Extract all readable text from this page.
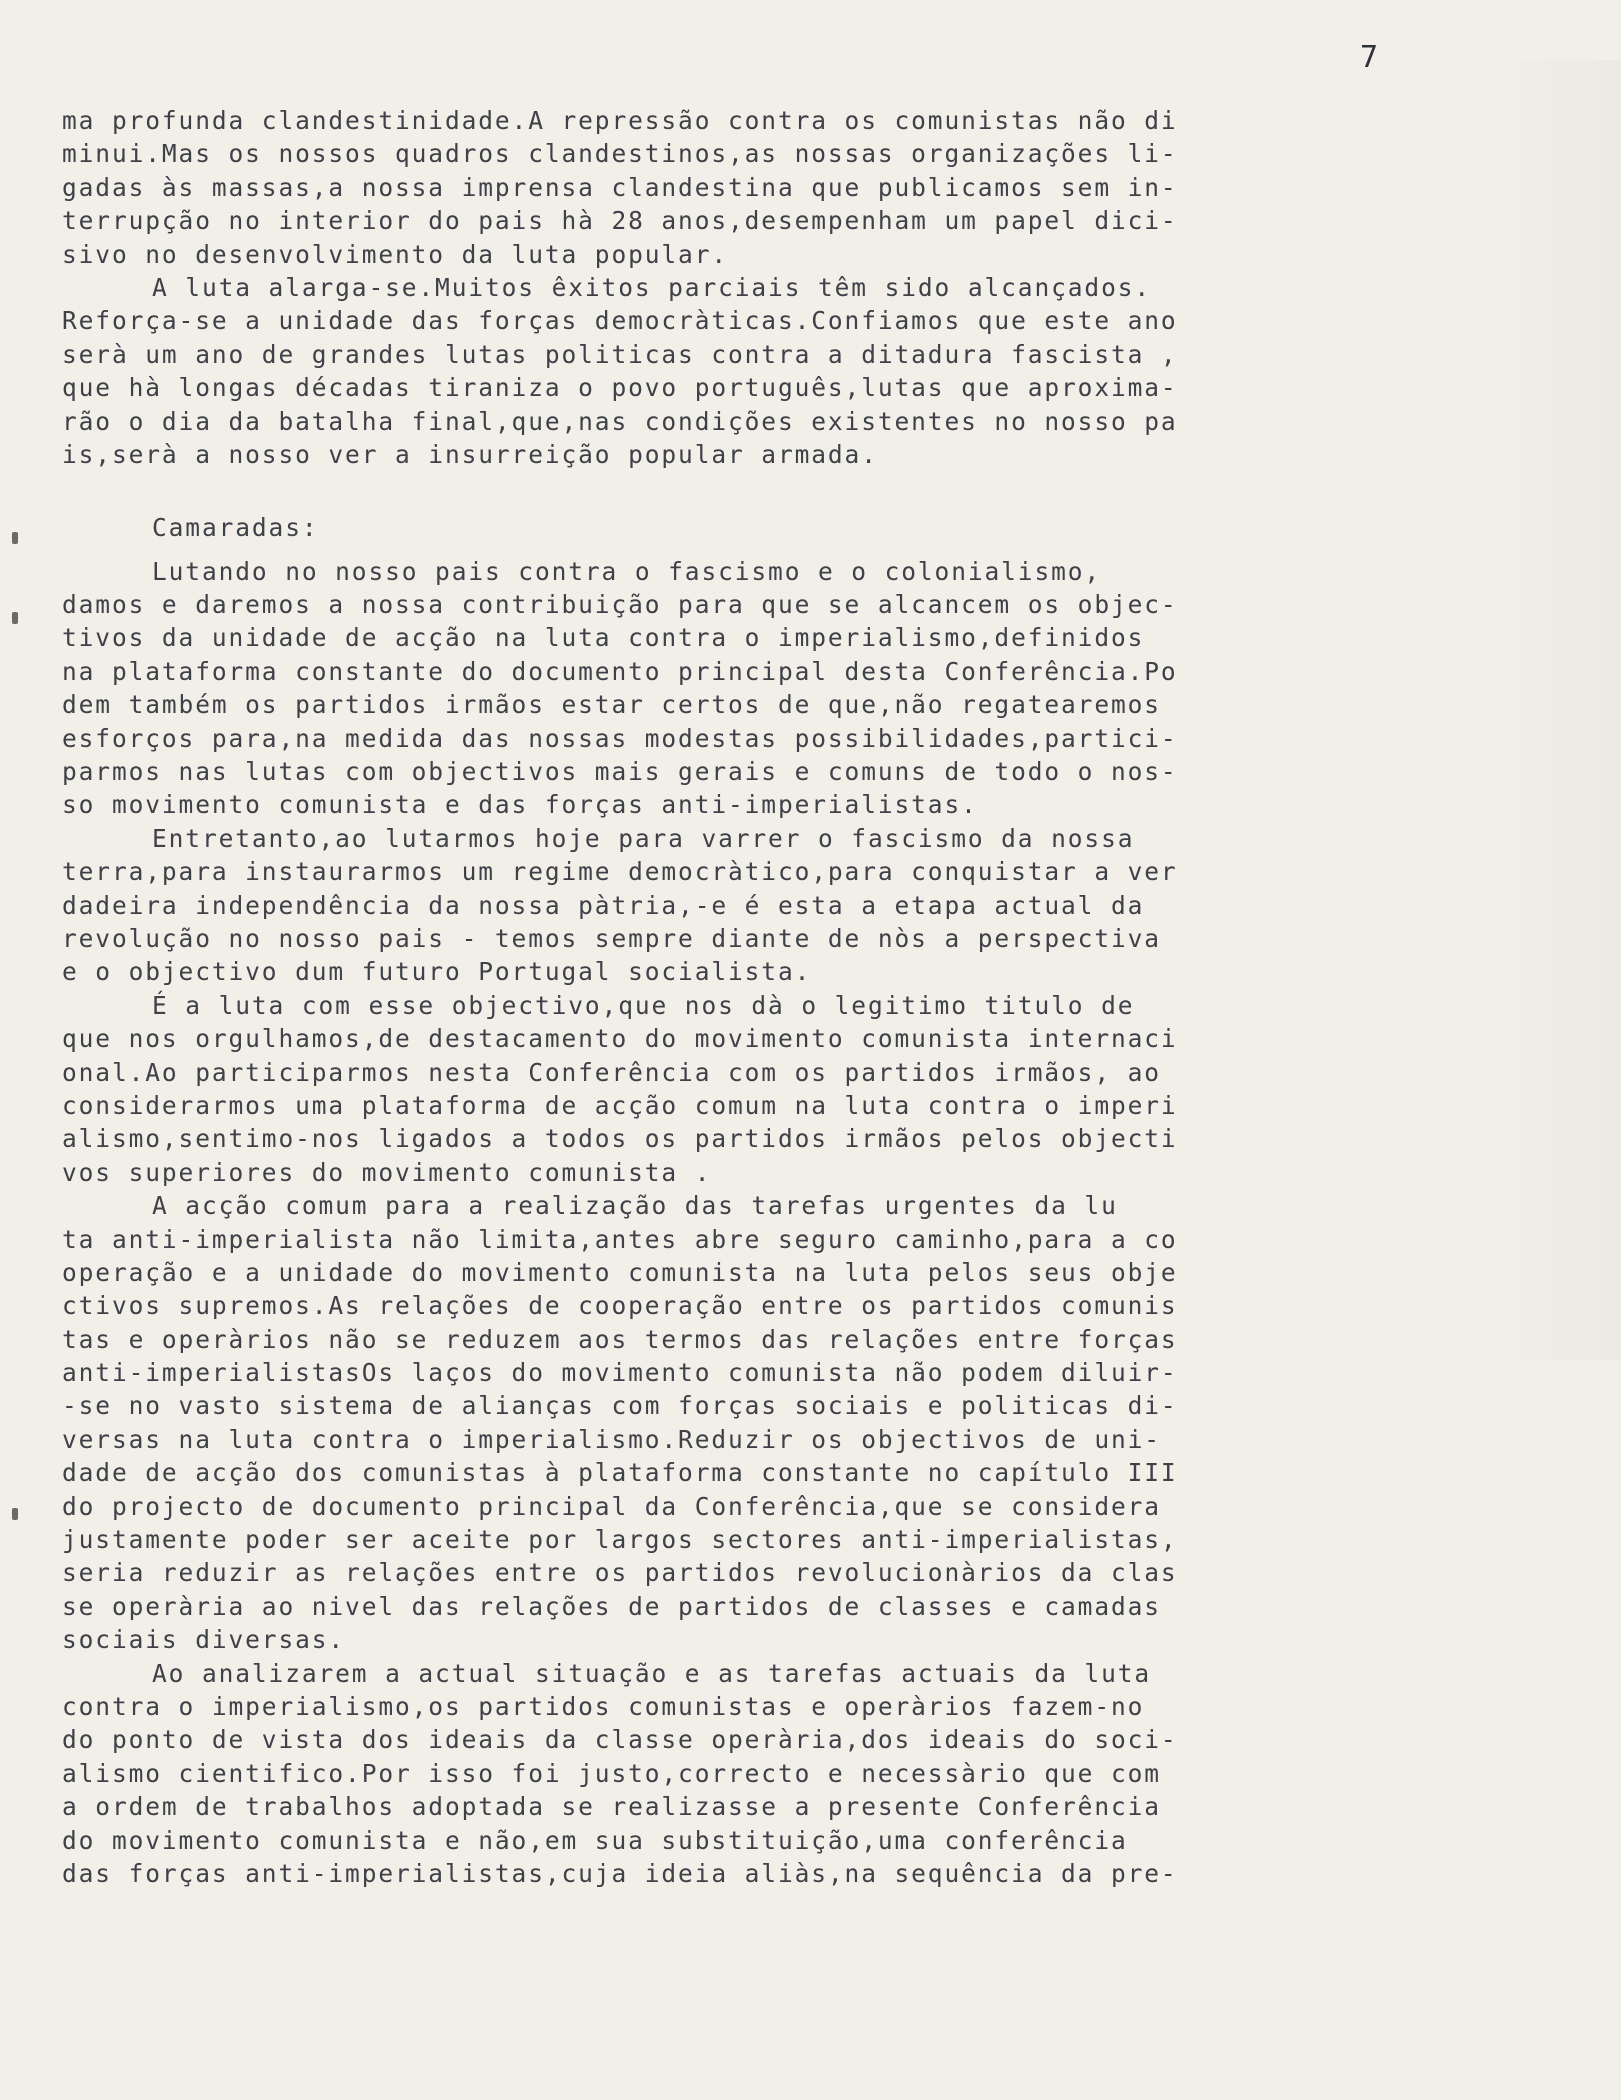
7
ma profunda clandestinidade.A repressão contra os comunistas não di
minui.Mas os nossos quadros clandestinos,as nossas organizações li-
gadas às massas,a nossa imprensa clandestina que publicamos sem in-
terrupção no interior do pais hà 28 anos,desempenham um papel dici-
sivo no desenvolvimento da luta popular.
A luta alarga-se.Muitos êxitos parciais têm sido alcançados.
Reforça-se a unidade das forças democràticas.Confiamos que este ano
serà um ano de grandes lutas politicas contra a ditadura fascista ,
que hà longas décadas tiraniza o povo português,lutas que aproxima-
rão o dia da batalha final,que,nas condições existentes no nosso pa
is,serà a nosso ver a insurreição popular armada.
Camaradas:
Lutando no nosso pais contra o fascismo e o colonialismo,
damos e daremos a nossa contribuição para que se alcancem os objec-
tivos da unidade de acção na luta contra o imperialismo,definidos
na plataforma constante do documento principal desta Conferência.Po
dem também os partidos irmãos estar certos de que,não regatearemos
esforços para,na medida das nossas modestas possibilidades,partici-
parmos nas lutas com objectivos mais gerais e comuns de todo o nos-
so movimento comunista e das forças anti-imperialistas.
Entretanto,ao lutarmos hoje para varrer o fascismo da nossa
terra,para instaurarmos um regime democràtico,para conquistar a ver
dadeira independência da nossa pàtria,-e é esta a etapa actual da
revolução no nosso pais - temos sempre diante de nòs a perspectiva
e o objectivo dum futuro Portugal socialista.
É a luta com esse objectivo,que nos dà o legitimo titulo de
que nos orgulhamos,de destacamento do movimento comunista internaci
onal.Ao participarmos nesta Conferência com os partidos irmãos, ao
considerarmos uma plataforma de acção comum na luta contra o imperi
alismo,sentimo-nos ligados a todos os partidos irmãos pelos objecti
vos superiores do movimento comunista .
A acção comum para a realização das tarefas urgentes da lu
ta anti-imperialista não limita,antes abre seguro caminho,para a co
operação e a unidade do movimento comunista na luta pelos seus obje
ctivos supremos.As relações de cooperação entre os partidos comunis
tas e operàrios não se reduzem aos termos das relações entre forças
anti-imperialistasOs laços do movimento comunista não podem diluir-
-se no vasto sistema de alianças com forças sociais e politicas di-
versas na luta contra o imperialismo.Reduzir os objectivos de uni-
dade de acção dos comunistas à plataforma constante no capítulo III
do projecto de documento principal da Conferência,que se considera
justamente poder ser aceite por largos sectores anti-imperialistas,
seria reduzir as relações entre os partidos revolucionàrios da clas
se operària ao nivel das relações de partidos de classes e camadas
sociais diversas.
Ao analizarem a actual situação e as tarefas actuais da luta
contra o imperialismo,os partidos comunistas e operàrios fazem-no
do ponto de vista dos ideais da classe operària,dos ideais do soci-
alismo cientifico.Por isso foi justo,correcto e necessàrio que com
a ordem de trabalhos adoptada se realizasse a presente Conferência
do movimento comunista e não,em sua substituição,uma conferência
das forças anti-imperialistas,cuja ideia aliàs,na sequência da pre-
